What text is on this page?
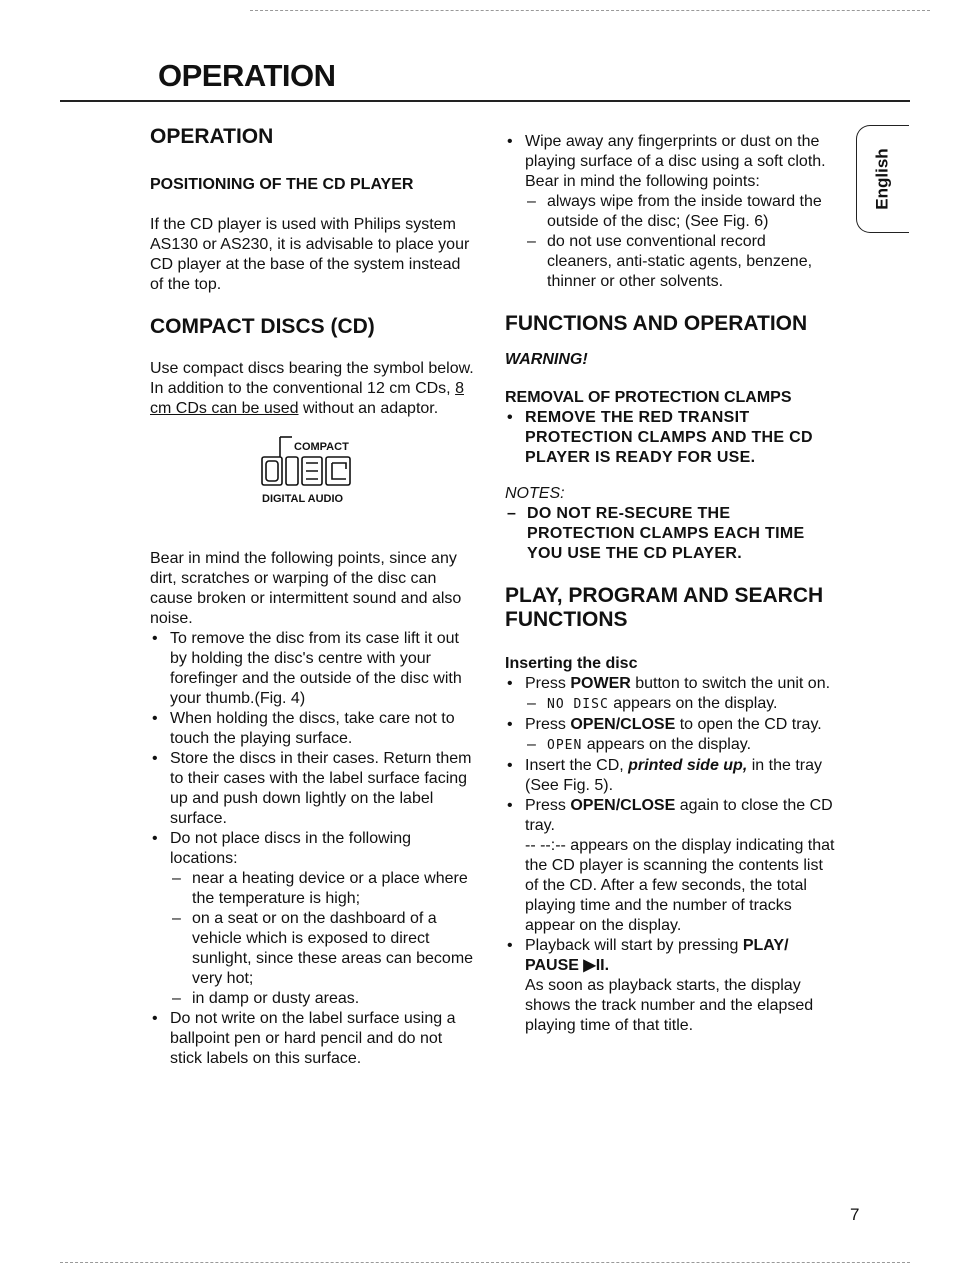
OPERATION
English
OPERATION
POSITIONING OF THE CD PLAYER

If the CD player is used with Philips system AS130 or AS230, it is advisable to place your CD player at the base of the system instead of the top.

COMPACT DISCS (CD)

Use compact discs bearing the symbol below. In addition to the conventional 12 cm CDs, 8 cm CDs can be used without an adaptor.

COMPACT
DIGITAL AUDIO

Bear in mind the following points, since any dirt, scratches or warping of the disc can cause broken or intermittent sound and also noise.

• To remove the disc from its case lift it out by holding the disc's centre with your forefinger and the outside of the disc with your thumb.(Fig. 4)
• When holding the discs, take care not to touch the playing surface.
• Store the discs in their cases. Return them to their cases with the label surface facing up and push down lightly on the label surface.
• Do not place discs in the following locations:
– near a heating device or a place where the temperature is high;
– on a seat or on the dashboard of a vehicle which is exposed to direct sunlight, since these areas can become very hot;
– in damp or dusty areas.
• Do not write on the label surface using a ballpoint pen or hard pencil and do not stick labels on this surface.
• Wipe away any fingerprints or dust on the playing surface of a disc using a soft cloth. Bear in mind the following points:
– always wipe from the inside toward the outside of the disc; (See Fig. 6)
– do not use conventional record cleaners, anti-static agents, benzene, thinner or other solvents.
FUNCTIONS AND OPERATION

WARNING!

REMOVAL OF PROTECTION CLAMPS
• REMOVE THE RED TRANSIT PROTECTION CLAMPS AND THE CD PLAYER IS READY FOR USE.

NOTES:

– DO NOT RE-SECURE THE PROTECTION CLAMPS EACH TIME YOU USE THE CD PLAYER.
PLAY, PROGRAM AND SEARCH FUNCTIONS
Inserting the disc
• Press POWER button to switch the unit on.
– NO DISC appears on the display.
• Press OPEN/CLOSE to open the CD tray.
– OPEN appears on the display.
• Insert the CD, printed side up, in the tray (See Fig. 5).
• Press OPEN/CLOSE again to close the CD tray.

-- --:-- appears on the display indicating that the CD player is scanning the contents list of the CD. After a few seconds, the total playing time and the number of tracks appear on the display.

• Playback will start by pressing PLAY/ PAUSE ▶II.

As soon as playback starts, the display shows the track number and the elapsed playing time of that title.

7
